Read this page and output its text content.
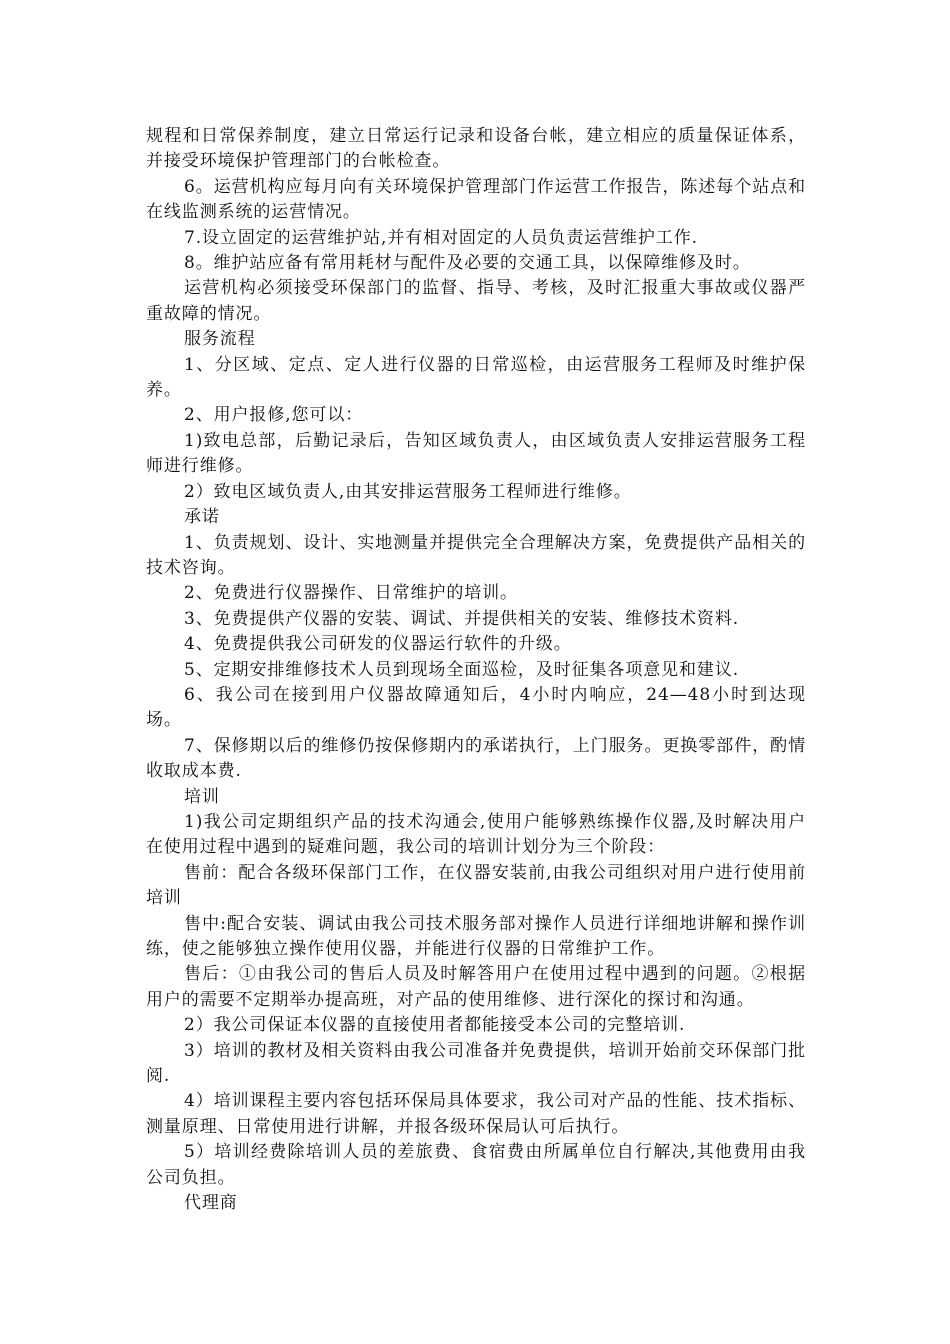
规程和日常保养制度，建立日常运行记录和设备台帐，建立相应的质量保证体系，并接受环境保护管理部门的台帐检查。

6。运营机构应每月向有关环境保护管理部门作运营工作报告，陈述每个站点和在线监测系统的运营情况。

7.设立固定的运营维护站,并有相对固定的人员负责运营维护工作.

8。维护站应备有常用耗材与配件及必要的交通工具，以保障维修及时。

运营机构必须接受环保部门的监督、指导、考核，及时汇报重大事故或仪器严重故障的情况。

服务流程

1、分区域、定点、定人进行仪器的日常巡检，由运营服务工程师及时维护保养。

2、用户报修,您可以：

1)致电总部，后勤记录后，告知区域负责人，由区域负责人安排运营服务工程师进行维修。

2）致电区域负责人,由其安排运营服务工程师进行维修。

承诺

1、负责规划、设计、实地测量并提供完全合理解决方案，免费提供产品相关的技术咨询。

2、免费进行仪器操作、日常维护的培训。

3、免费提供产仪器的安装、调试、并提供相关的安装、维修技术资料.

4、免费提供我公司研发的仪器运行软件的升级。

5、定期安排维修技术人员到现场全面巡检，及时征集各项意见和建议.

6、我公司在接到用户仪器故障通知后，4小时内响应，24—48小时到达现场。

7、保修期以后的维修仍按保修期内的承诺执行，上门服务。更换零部件，酌情收取成本费.

培训

1)我公司定期组织产品的技术沟通会,使用户能够熟练操作仪器,及时解决用户在使用过程中遇到的疑难问题，我公司的培训计划分为三个阶段：

售前：配合各级环保部门工作，在仪器安装前,由我公司组织对用户进行使用前培训

售中:配合安装、调试由我公司技术服务部对操作人员进行详细地讲解和操作训练，使之能够独立操作使用仪器，并能进行仪器的日常维护工作。

售后：①由我公司的售后人员及时解答用户在使用过程中遇到的问题。②根据用户的需要不定期举办提高班，对产品的使用维修、进行深化的探讨和沟通。

2）我公司保证本仪器的直接使用者都能接受本公司的完整培训.

3）培训的教材及相关资料由我公司准备并免费提供，培训开始前交环保部门批阅.

4）培训课程主要内容包括环保局具体要求，我公司对产品的性能、技术指标、测量原理、日常使用进行讲解，并报各级环保局认可后执行。

5）培训经费除培训人员的差旅费、食宿费由所属单位自行解决,其他费用由我公司负担。

代理商
